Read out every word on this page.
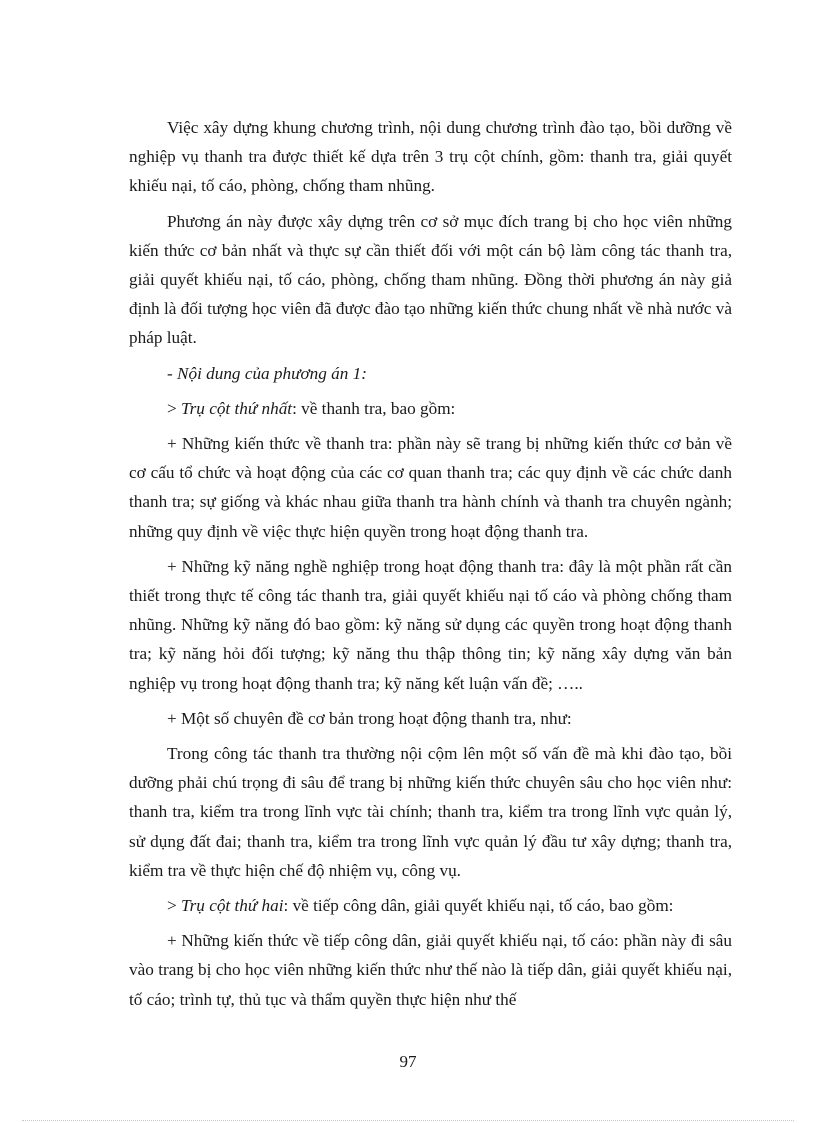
Việc xây dựng khung chương trình, nội dung chương trình đào tạo, bồi dưỡng về nghiệp vụ thanh tra được thiết kế dựa trên 3 trụ cột chính, gồm: thanh tra, giải quyết khiếu nại, tố cáo, phòng, chống tham nhũng.

Phương án này được xây dựng trên cơ sở mục đích trang bị cho học viên những kiến thức cơ bản nhất và thực sự cần thiết đối với một cán bộ làm công tác thanh tra, giải quyết khiếu nại, tố cáo, phòng, chống tham nhũng. Đồng thời phương án này giả định là đối tượng học viên đã được đào tạo những kiến thức chung nhất về nhà nước và pháp luật.

- Nội dung của phương án 1:

> Trụ cột thứ nhất: về thanh tra, bao gồm:

+ Những kiến thức về thanh tra: phần này sẽ trang bị những kiến thức cơ bản về cơ cấu tổ chức và hoạt động của các cơ quan thanh tra; các quy định về các chức danh thanh tra; sự giống và khác nhau giữa thanh tra hành chính và thanh tra chuyên ngành; những quy định về việc thực hiện quyền trong hoạt động thanh tra.

+ Những kỹ năng nghề nghiệp trong hoạt động thanh tra: đây là một phần rất cần thiết trong thực tế công tác thanh tra, giải quyết khiếu nại tố cáo và phòng chống tham nhũng. Những kỹ năng đó bao gồm: kỹ năng sử dụng các quyền trong hoạt động thanh tra; kỹ năng hỏi đối tượng; kỹ năng thu thập thông tin; kỹ năng xây dựng văn bản nghiệp vụ trong hoạt động thanh tra; kỹ năng kết luận vấn đề; …..

+ Một số chuyên đề cơ bản trong hoạt động thanh tra, như:

Trong công tác thanh tra thường nội cộm lên một số vấn đề mà khi đào tạo, bồi dưỡng phải chú trọng đi sâu để trang bị những kiến thức chuyên sâu cho học viên như: thanh tra, kiểm tra trong lĩnh vực tài chính; thanh tra, kiểm tra trong lĩnh vực quản lý, sử dụng đất đai; thanh tra, kiểm tra trong lĩnh vực quản lý đầu tư xây dựng; thanh tra, kiểm tra về thực hiện chế độ nhiệm vụ, công vụ.

> Trụ cột thứ hai: về tiếp công dân, giải quyết khiếu nại, tố cáo, bao gồm:

+ Những kiến thức về tiếp công dân, giải quyết khiếu nại, tố cáo: phần này đi sâu vào trang bị cho học viên những kiến thức như thế nào là tiếp dân, giải quyết khiếu nại, tố cáo; trình tự, thủ tục và thẩm quyền thực hiện như thế

97
